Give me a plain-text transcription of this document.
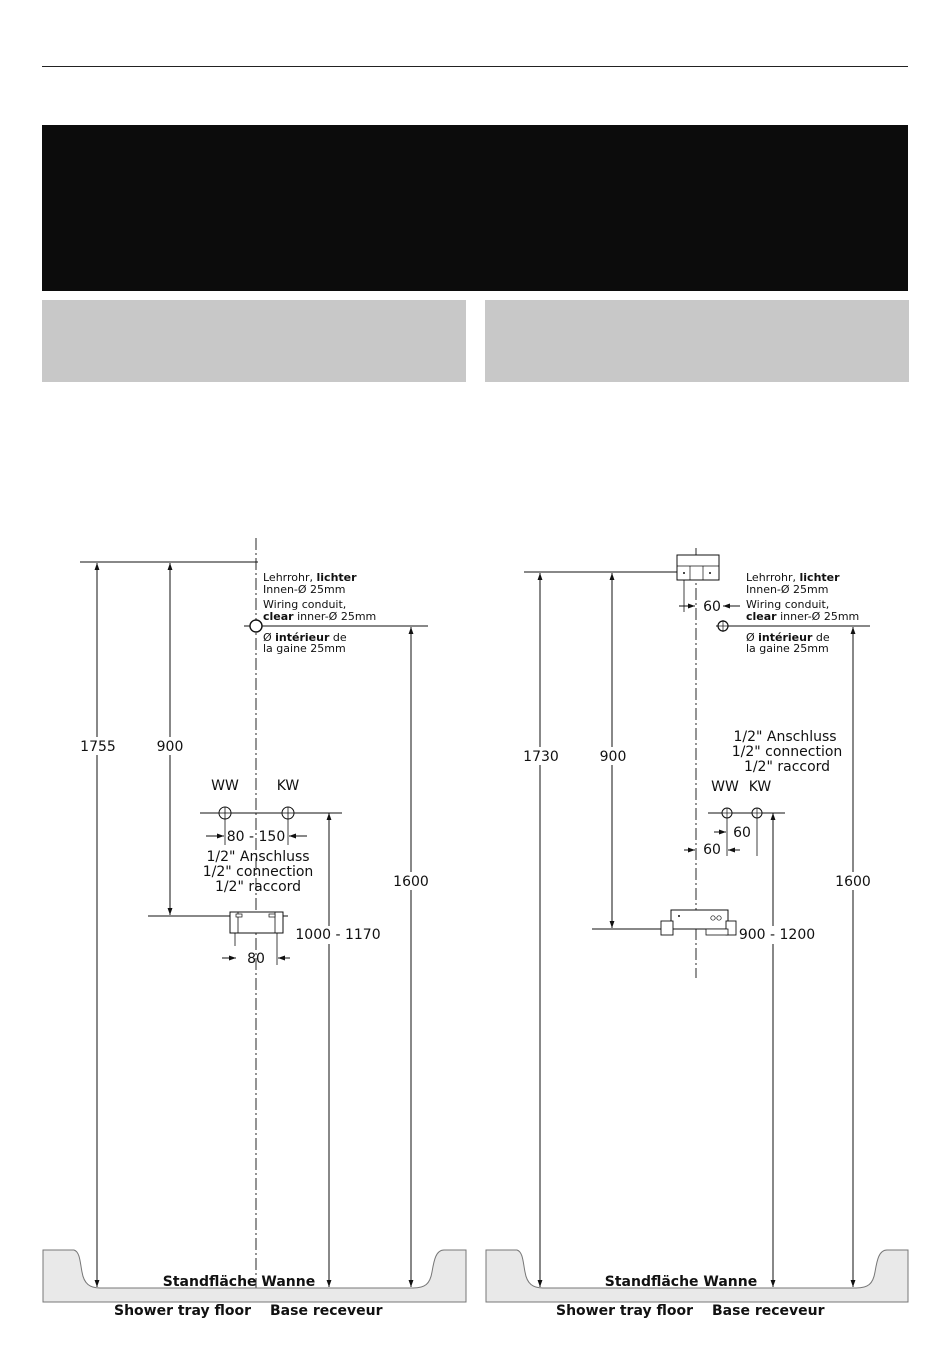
1755	900
Lehrrohr, lichter
Innen-Ø 25mm
Wiring conduit,
clear inner-Ø 25mm
Ø intérieur de
la gaine 25mm
WW	KW
80 - 150
1/2" Anschluss
1/2" connection
1/2" raccord
80
1000 - 1170
1600
Standfläche Wanne
Shower tray floor Base receveur
60
1730	900
Lehrrohr, lichter
Innen-Ø 25mm
Wiring conduit,
clear inner-Ø 25mm
Ø intérieur de
la gaine 25mm
1/2" Anschluss
1/2" connection
1/2" raccord
WW KW
60
60
900 - 1200
1600
Standfläche Wanne
Shower tray floor Base receveur
